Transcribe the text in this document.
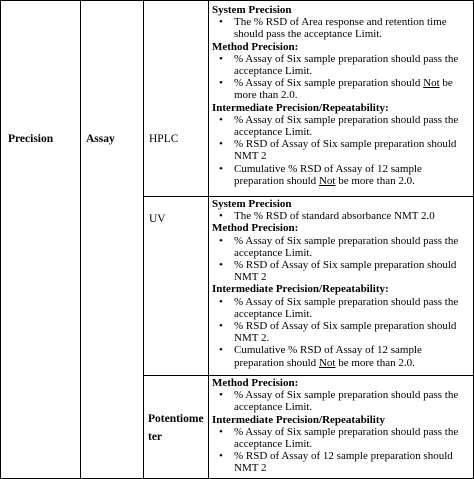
Precision	Assay	HPLC
UV
Potentiometer
System Precision
• The % RSD of Area response and retention time should pass the acceptance Limit.
Method Precision:
• % Assay of Six sample preparation should pass the acceptance Limit.
• % Assay of Six sample preparation should Not be more than 2.0.
Intermediate Precision/Repeatability:
• % Assay of Six sample preparation should pass the acceptance Limit.
• % RSD of Assay of Six sample preparation should NMT 2
• Cumulative % RSD of Assay of 12 sample preparation should Not be more than 2.0.
System Precision
• The % RSD of standard absorbance NMT 2.0
Method Precision:
• % Assay of Six sample preparation should pass the acceptance Limit.
• % RSD of Assay of Six sample preparation should NMT 2
Intermediate Precision/Repeatability:
• % Assay of Six sample preparation should pass the acceptance Limit.
• % RSD of Assay of Six sample preparation should NMT 2.
• Cumulative % RSD of Assay of 12 sample preparation should Not be more than 2.0.
Method Precision:
• % Assay of Six sample preparation should pass the acceptance Limit.
Intermediate Precision/Repeatability
• % Assay of Six sample preparation should pass the acceptance Limit.
• % RSD of Assay of 12 sample preparation should NMT 2
